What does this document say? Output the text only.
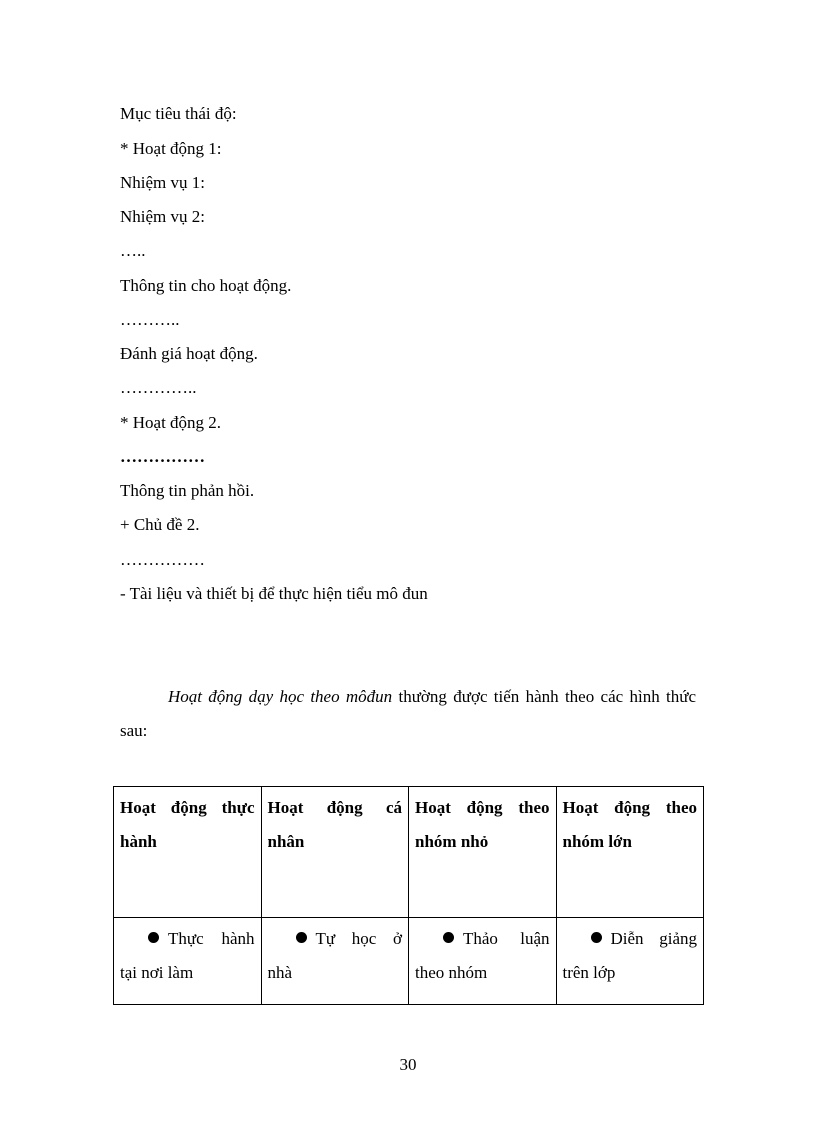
Mục tiêu thái độ:
* Hoạt động 1:
Nhiệm vụ 1:
Nhiệm vụ 2:
…..
Thông tin cho hoạt động.
………..
Đánh giá hoạt động.
…………..
* Hoạt động 2.
……………
Thông tin phản hồi.
+ Chủ đề 2.
……………
- Tài liệu và thiết bị để thực hiện tiểu mô đun
Hoạt động dạy học theo môđun thường được tiến hành theo các hình thức sau:
Hoạt động thực hành	Hoạt động cá nhân	Hoạt động theo nhóm nhỏ	Hoạt động theo nhóm lớn

Thực hành tại nơi làm	Tự học ở nhà	Thảo luận theo nhóm	Diễn giảng trên lớp
30
